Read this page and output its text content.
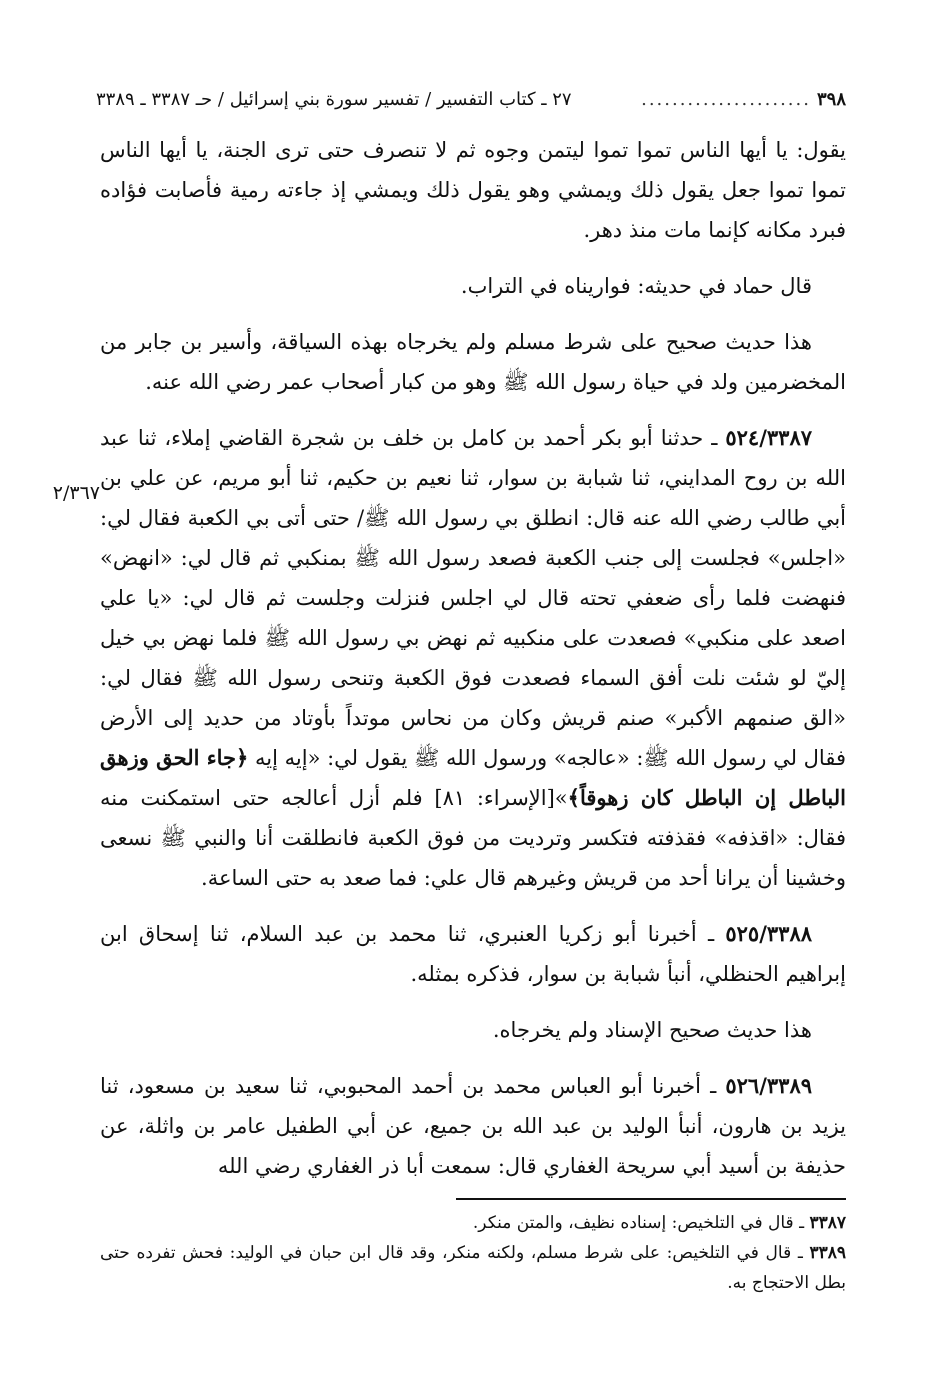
٣٩٨
......................
٢٧ ـ كتاب التفسير / تفسير سورة بني إسرائيل / حـ ٣٣٨٧ ـ ٣٣٨٩
٢/٣٦٧

يقول: يا أيها الناس تموا تموا ليتمن وجوه ثم لا تنصرف حتى ترى الجنة، يا أيها الناس تموا تموا جعل يقول ذلك ويمشي وهو يقول ذلك ويمشي إذ جاءته رمية فأصابت فؤاده فبرد مكانه كإنما مات منذ دهر.

قال حماد في حديثه: فواريناه في التراب.

هذا حديث صحيح على شرط مسلم ولم يخرجاه بهذه السياقة، وأسير بن جابر من المخضرمين ولد في حياة رسول الله ﷺ وهو من كبار أصحاب عمر رضي الله عنه.

٥٢٤/٣٣٨٧ ـ حدثنا أبو بكر أحمد بن كامل بن خلف بن شجرة القاضي إملاء، ثنا عبد الله بن روح المدايني، ثنا شبابة بن سوار، ثنا نعيم بن حكيم، ثنا أبو مريم، عن علي بن أبي طالب رضي الله عنه قال: انطلق بي رسول الله ﷺ/ حتى أتى بي الكعبة فقال لي: «اجلس» فجلست إلى جنب الكعبة فصعد رسول الله ﷺ بمنكبي ثم قال لي: «انهض» فنهضت فلما رأى ضعفي تحته قال لي اجلس فنزلت وجلست ثم قال لي: «يا علي اصعد على منكبي» فصعدت على منكبيه ثم نهض بي رسول الله ﷺ فلما نهض بي خيل إليّ لو شئت نلت أفق السماء فصعدت فوق الكعبة وتنحى رسول الله ﷺ فقال لي: «الق صنمهم الأكبر» صنم قريش وكان من نحاس موتداً بأوتاد من حديد إلى الأرض فقال لي رسول الله ﷺ: «عالجه» ورسول الله ﷺ يقول لي: «إيه إيه ﴿جاء الحق وزهق الباطل إن الباطل كان زهوقاً﴾»[الإسراء: ٨١] فلم أزل أعالجه حتى استمكنت منه فقال: «اقذفه» فقذفته فتكسر وترديت من فوق الكعبة فانطلقت أنا والنبي ﷺ نسعى وخشينا أن يرانا أحد من قريش وغيرهم قال علي: فما صعد به حتى الساعة.

٥٢٥/٣٣٨٨ ـ أخبرنا أبو زكريا العنبري، ثنا محمد بن عبد السلام، ثنا إسحاق ابن إبراهيم الحنظلي، أنبأ شبابة بن سوار، فذكره بمثله.

هذا حديث صحيح الإسناد ولم يخرجاه.

٥٢٦/٣٣٨٩ ـ أخبرنا أبو العباس محمد بن أحمد المحبوبي، ثنا سعيد بن مسعود، ثنا يزيد بن هارون، أنبأ الوليد بن عبد الله بن جميع، عن أبي الطفيل عامر بن واثلة، عن حذيفة بن أسيد أبي سريحة الغفاري قال: سمعت أبا ذر الغفاري رضي الله

٣٣٨٧ ـ قال في التلخيص: إسناده نظيف، والمتن منكر.

٣٣٨٩ ـ قال في التلخيص: على شرط مسلم، ولكنه منكر، وقد قال ابن حبان في الوليد: فحش تفرده حتى بطل الاحتجاج به.
